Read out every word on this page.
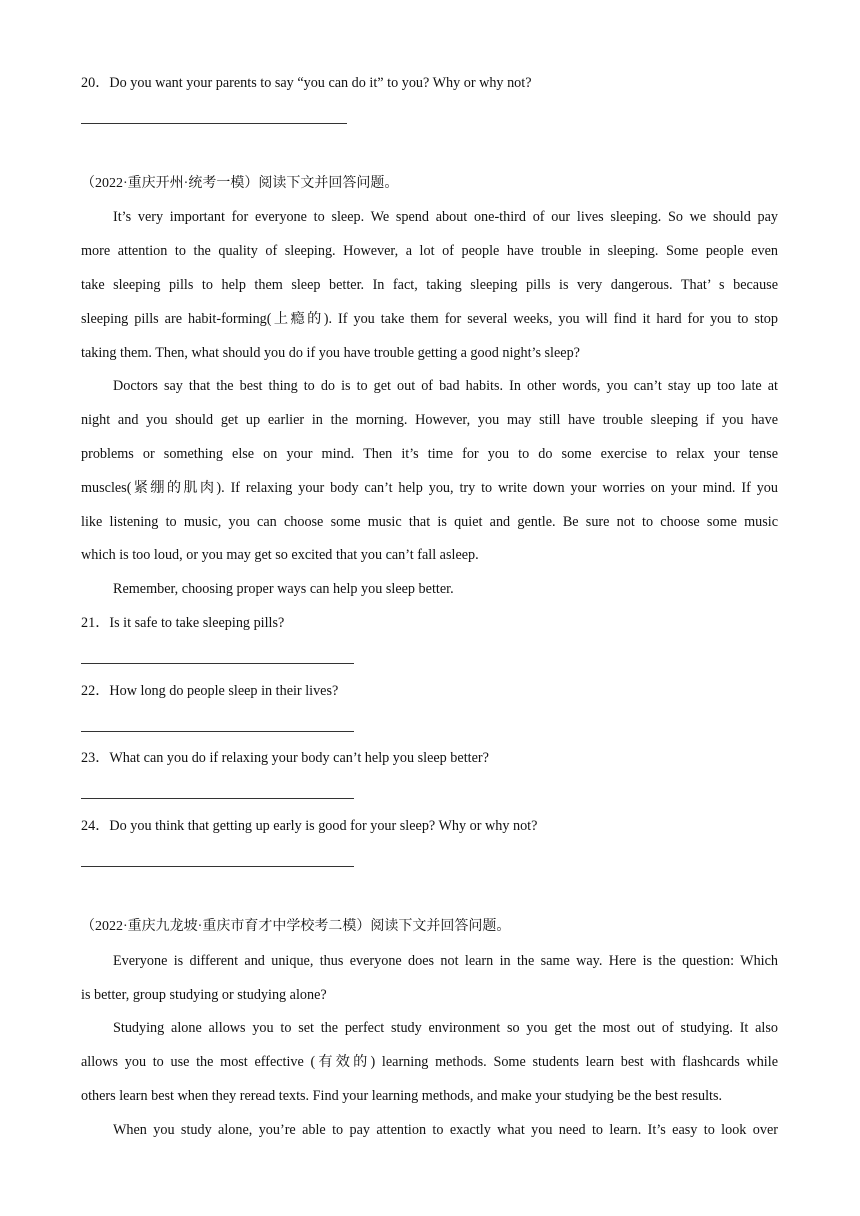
20．Do you want your parents to say “you can do it” to you? Why or why not?
（2022·重庆开州·统考一模）阅读下文并回答问题。
It’s very important for everyone to sleep. We spend about one-third of our lives sleeping. So we should pay
more attention to the quality of sleeping. However, a lot of people have trouble in sleeping. Some people even
take sleeping pills to help them sleep better. In fact, taking sleeping pills is very dangerous. That’ s because
sleeping pills are habit-forming(上瘾的). If you take them for several weeks, you will find it hard for you to stop
taking them. Then, what should you do if you have trouble getting a good night’s sleep?
Doctors say that the best thing to do is to get out of bad habits. In other words, you can’t stay up too late at
night and you should get up earlier in the morning. However, you may still have trouble sleeping if you have
problems or something else on your mind. Then it’s time for you to do some exercise to relax your tense
muscles(紧绷的肌肉). If relaxing your body can’t help you, try to write down your worries on your mind. If you
like listening to music, you can choose some music that is quiet and gentle. Be sure not to choose some music
which is too loud, or you may get so excited that you can’t fall asleep.
Remember, choosing proper ways can help you sleep better.
21．Is it safe to take sleeping pills?
22．How long do people sleep in their lives?
23．What can you do if relaxing your body can’t help you sleep better?
24．Do you think that getting up early is good for your sleep? Why or why not?
（2022·重庆九龙坡·重庆市育才中学校考二模）阅读下文并回答问题。
Everyone is different and unique, thus everyone does not learn in the same way. Here is the question: Which
is better, group studying or studying alone?
Studying alone allows you to set the perfect study environment so you get the most out of studying. It also
allows you to use the most effective (有效的) learning methods. Some students learn best with flashcards while
others learn best when they reread texts. Find your learning methods, and make your studying be the best results.
When you study alone, you’re able to pay attention to exactly what you need to learn. It’s easy to look over
